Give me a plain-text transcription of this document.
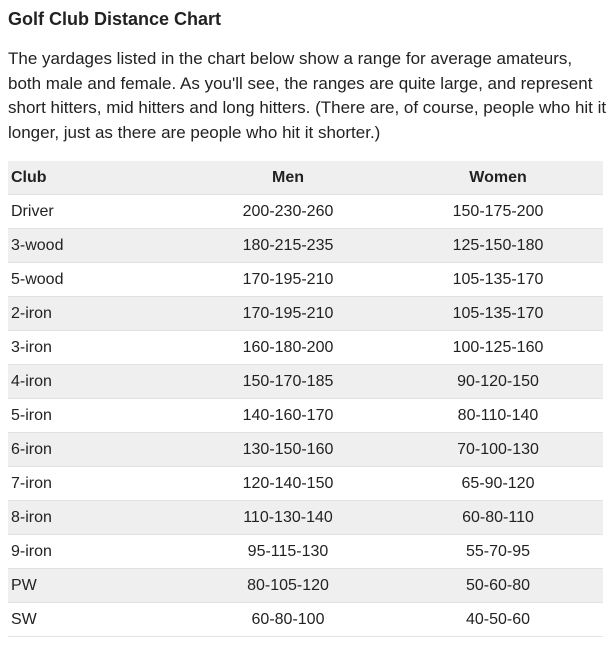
Golf Club Distance Chart

The yardages listed in the chart below show a range for average amateurs, both male and female. As you'll see, the ranges are quite large, and represent short hitters, mid hitters and long hitters. (There are, of course, people who hit it longer, just as there are people who hit it shorter.)

Club	Men	Women
Driver	200-230-260	150-175-200
3-wood	180-215-235	125-150-180
5-wood	170-195-210	105-135-170
2-iron	170-195-210	105-135-170
3-iron	160-180-200	100-125-160
4-iron	150-170-185	90-120-150
5-iron	140-160-170	80-110-140
6-iron	130-150-160	70-100-130
7-iron	120-140-150	65-90-120
8-iron	110-130-140	60-80-110
9-iron	95-115-130	55-70-95
PW	80-105-120	50-60-80
SW	60-80-100	40-50-60
